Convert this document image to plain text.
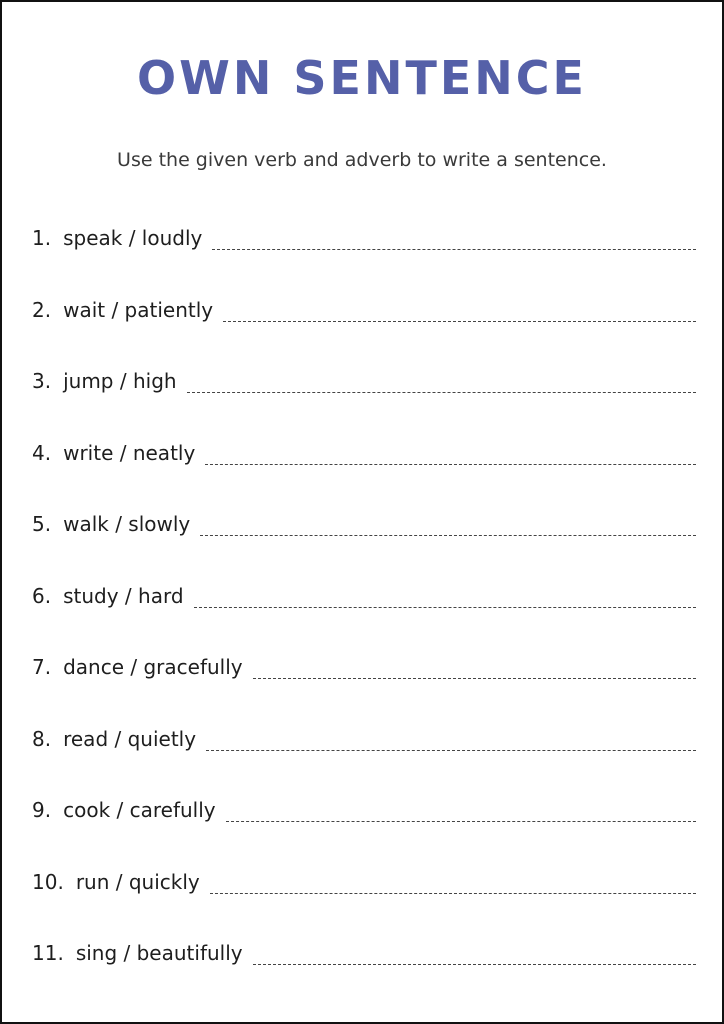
OWN SENTENCE
Use the given verb and adverb to write a sentence.
1. speak / loudly
2. wait / patiently
3. jump / high
4. write / neatly
5. walk / slowly
6. study / hard
7. dance / gracefully
8. read / quietly
9. cook / carefully
10. run / quickly
11. sing / beautifully
